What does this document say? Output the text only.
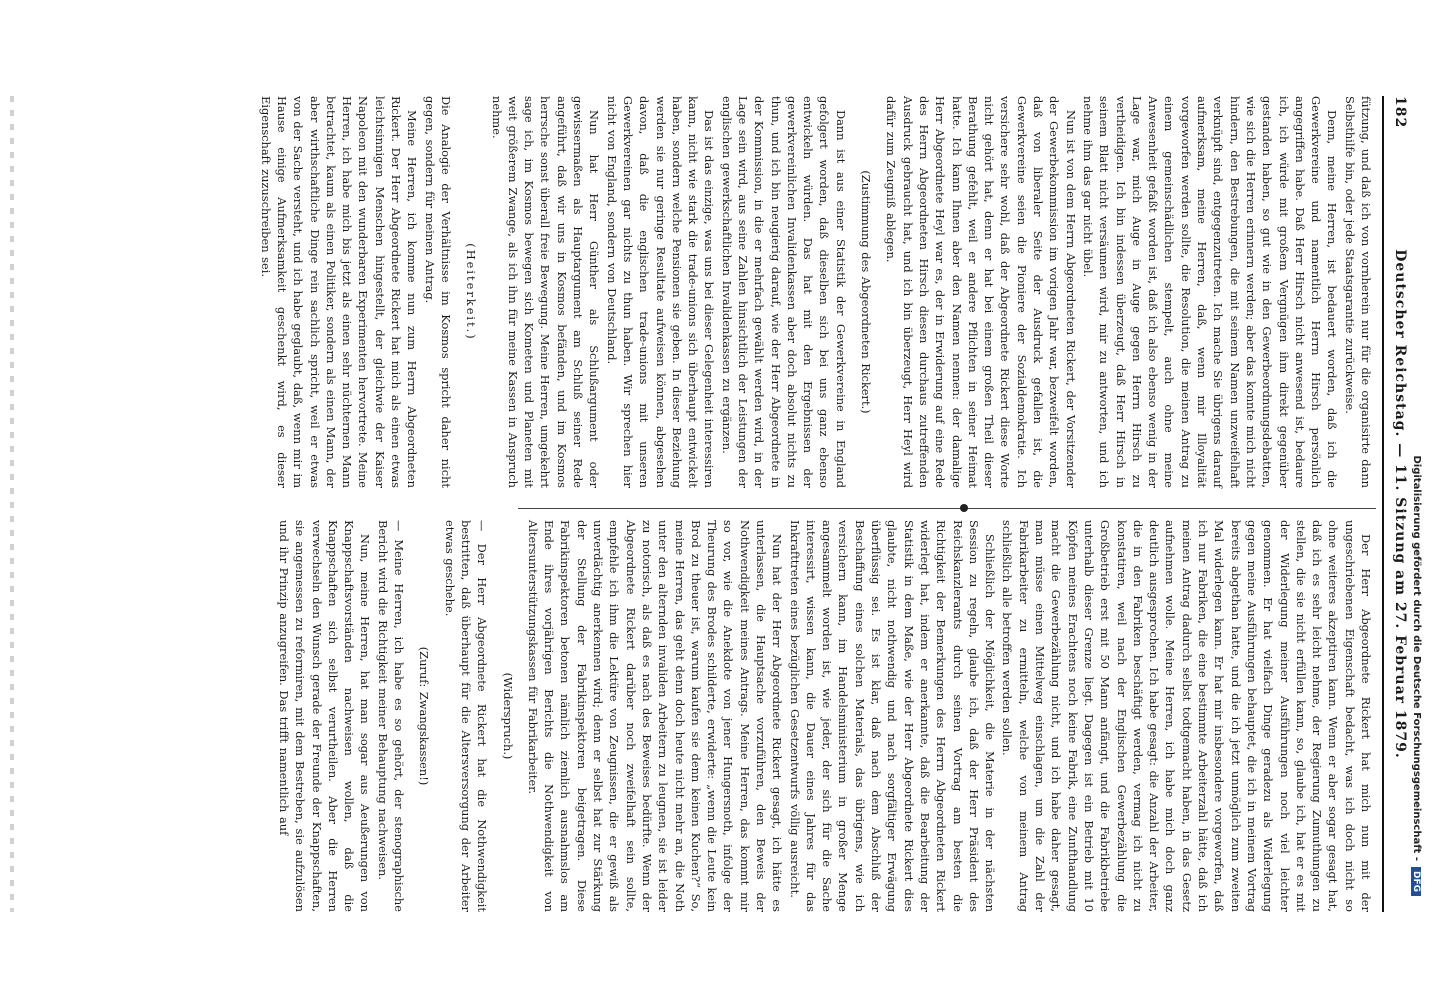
Digitalisierung gefördert durch die Deutsche Forschungsgemeinschaft -DFG
182
Deutscher Reichstag. — 11. Sitzung am 27. Februar 1879.

fützung, und daß ich von vornherein nur für die organisirte dann Selbsthilfe bin, oder jede Staatsgarantie zurückweise.

Denn, meine Herren, ist bedauert worden, daß ich die Gewerkvereine und namentlich Herrn Hirsch persönlich angegriffen habe. Daß Herr Hirsch nicht anwesend ist, bedaure ich, ich würde mit großem Vergnügen ihm direkt gegenüber gestanden haben, so gut wie in den Gewerbeordnungsdebatten, wie sich die Herren erinnern werden; aber das konnte mich nicht hindern, den Bestrebungen, die mit seinem Namen unzweifelhaft verknüpft sind, entgegenzutreten. Ich mache Sie übrigens darauf aufmerksam, meine Herren, daß, wenn mir Illoyalität vorgeworfen werden sollte, die Resolution, die meinen Antrag zu einem gemeinschädlichen stempelt, auch ohne meine Anwesenheit gefaßt worden ist, daß ich also ebenso wenig in der Lage war, mich Auge in Auge gegen Herrn Hirsch zu vertheidigen. Ich bin indessen überzeugt, daß Herr Hirsch in seinem Blatt nicht versäumen wird, mir zu antworten, und ich nehme ihm das gar nicht übel.

Nun ist von dem Herrn Abgeordneten Rickert, der Vorsitzender der Gewerbekommission im vorigen Jahr war, bezweifelt worden, daß von liberaler Seite der Ausdruck gefallen ist, die Gewerkvereine seien die Pioniere der Sozialdemokratie. Ich versichere sehr wohl, daß der Abgeordnete Rickert diese Worte nicht gehört hat, denn er hat bei einem großen Theil dieser Berathung gefehlt, weil er andere Pflichten in seiner Heimat hatte. Ich kann Ihnen aber den Namen nennen: der damalige Herr Abgeordnete Heyl war es, der in Erwiderung auf eine Rede des Herrn Abgeordneten Hirsch diesen durchaus zutreffenden Ausdruck gebraucht hat, und ich bin überzeugt, Herr Heyl wird dafür zum Zeugniß ablegen.

(Zustimmung des Abgeordneten Rickert.)

Dann ist aus einer Statistik der Gewerkvereine in England gefolgert worden, daß dieselben sich bei uns ganz ebenso entwickeln würden. Das hat mit den Ergebnissen der gewerkvereinlichen Invalidenkassen aber doch absolut nichts zu thun, und ich bin neugierig darauf, wie der Herr Abgeordnete in der Kommission, in die er mehrfach gewählt werden wird, in der Lage sein wird, aus seine Zahlen hinsichtlich der Leistungen der englischen gewerkschaftlichen Invalidenkassen zu ergänzen.

Das ist das einzige, was uns bei dieser Gelegenheit interessiren kann, nicht wie stark die trade-unions sich überhaupt entwickelt haben, sondern welche Pensionen sie geben. In dieser Beziehung werden sie nur geringe Resultate aufweisen können, abgesehen davon, daß die englischen trade-unions mit unseren Gewerkvereinen gar nichts zu thun haben. Wir sprechen hier nicht von England, sondern von Deutschland.

Nun hat Herr Günther als Schlußargument oder gewissermaßen als Hauptargument am Schluß seiner Rede angeführt, daß wir uns in Kosmos befänden, und im Kosmos herrsche sonst überall freie Bewegung. Meine Herren, umgekehrt sage ich, im Kosmos bewegen sich Kometen und Planeten mit weit größerem Zwange, als ich ihn für meine Kassen in Anspruch nehme.

(Heiterkeit.)

Die Analogie der Verhältnisse im Kosmos spricht daher nicht gegen, sondern für meinen Antrag.

Meine Herren, ich komme nun zum Herrn Abgeordneten Rickert. Der Herr Abgeordnete Rickert hat mich als einen etwas leichtsinnigen Menschen hingestellt, der gleichwie der Kaiser Napoleon mit den wunderbaren Experimenten hervortrete. Meine Herren, ich habe mich bis jetzt als einen sehr nüchternen Mann betrachtet, kaum als einen Politiker, sondern als einen Mann, der aber wirthschaftliche Dinge rein sachlich spricht, weil er etwas von der Sache versteht, und ich habe geglaubt, daß, wenn mir im Hause einige Aufmerksamkeit geschenkt wird, es dieser Eigenschaft zuzuschreiben sei.

Der Herr Abgeordnete Rickert hat mich nun mit der ungeschriebenen Eigenschaft bedacht, was ich doch nicht so ohne weiteres akzeptiren kann. Wenn er aber sogar gesagt hat, daß ich es sehr leicht nehme, der Regierung Zumuthungen zu stellen, die sie nicht erfüllen kann, so, glaube ich, hat er es mit der Widerlegung meiner Ausführungen noch viel leichter genommen. Er hat vielfach Dinge geradezu als Widerlegung gegen meine Ausführungen behauptet, die ich in meinem Vortrag bereits abgethan hatte, und die ich jetzt unmöglich zum zweiten Mal widerlegen kann. Er hat mir insbesondere vorgeworfen, daß ich nur Fabriken, die eine bestimmte Arbeiterzahl hätte, daß ich meinen Antrag dadurch selbst todtgemacht haben, in das Gesetz aufnehmen wolle. Meine Herren, ich habe mich doch ganz deutlich ausgesprochen. Ich habe gesagt: die Anzahl der Arbeiter, die in den Fabriken beschäftigt werden, vermag ich nicht zu konstatiren, weil nach der Englischen Gewerbezählung die Großbetrieb erst mit 50 Mann anfängt, und die Fabrikbetriebe unterhalb dieser Grenze liegt. Dagegen ist ein Betrieb mit 10 Köpfen meines Erachtens noch keine Fabrik, eine Zunfthandlung macht die Gewerbezählung nicht, und ich habe daher gesagt, man müsse einen Mittelweg einschlagen, um die Zahl der Fabrikarbeiter zu ermitteln, welche von meinem Antrag schließlich alle betroffen werden sollen.

Schließlich der Möglichkeit, die Materie in der nächsten Session zu regeln, glaube ich, daß der Herr Präsident des Reichskanzleramts durch seinen Vortrag am besten die Richtigkeit der Bemerkungen des Herrn Abgeordneten Rickert widerlegt hat, indem er anerkannte, daß die Bearbeitung der Statistik in dem Maße, wie der Herr Abgeordnete Rickert dies glaubte, nicht nothwendig und nach sorgfältiger Erwägung überflüssig sei. Es ist klar, daß nach dem Abschluß der Beschaffung eines solchen Materials, das übrigens, wie ich versichern kann, im Handelsministerium in großer Menge angesammelt worden ist, wie jeder, der sich für die Sache interessirt, wissen kann, die Dauer eines Jahres für das Inkrafttreten eines bezüglichen Gesetzentwurfs völlig ausreicht.

Nun hat der Herr Abgeordnete Rickert gesagt, ich hätte es unterlassen, die Hauptsache vorzuführen, den Beweis der Nothwendigkeit meines Antrags. Meine Herren, das kommt mir so vor, wie die Anekdote von jener Hungersnoth, infolge der Theurung des Brodes schilderte, erwiderte: „wenn die Leute kein Brod zu theuer ist, warum kaufen sie denn keinen Kuchen?“ So, meine Herren, das geht denn doch heute nicht mehr an, die Noth unter den alternden invaliden Arbeitern zu leugnen, sie ist leider zu notorisch, als daß es nach des Beweises bedürfte. Wenn der Abgeordnete Rickert darüber noch zweifelhaft sein sollte, empfehle ich ihm die Lektüre von Zeugnissen, die er gewiß als unverdächtig anerkennen wird; denn er selbst hat zur Stärkung der Stellung der Fabrikinspektoren beigetragen. Diese Fabrikinspektoren betonen nämlich ziemlich ausnahmslos am Ende ihres vorjährigen Berichts die Nothwendigkeit von Altersunterstützungskassen für Fabrikarbeiter.

(Widerspruch.)

— Der Herr Abgeordnete Rickert hat die Nothwendigkeit bestritten, daß überhaupt für die Altersversorgung der Arbeiter etwas geschehe.

(Zuruf: Zwangskassen!)

— Meine Herren, ich habe es so gehört, der stenographische Bericht wird die Richtigkeit meiner Behauptung nachweisen.

Nun, meine Herren, hat man sogar aus Aeußerungen von Knappschaftsvorständen nachweisen wollen, daß die Knappschaften sich selbst verurtheilen. Aber die Herren verwechseln den Wunsch gerade der Freunde der Knappschaften, sie angemessen zu reformiren, mit dem Bestreben, sie aufzulösen und ihr Prinzip anzugreifen. Das trifft namentlich auf
